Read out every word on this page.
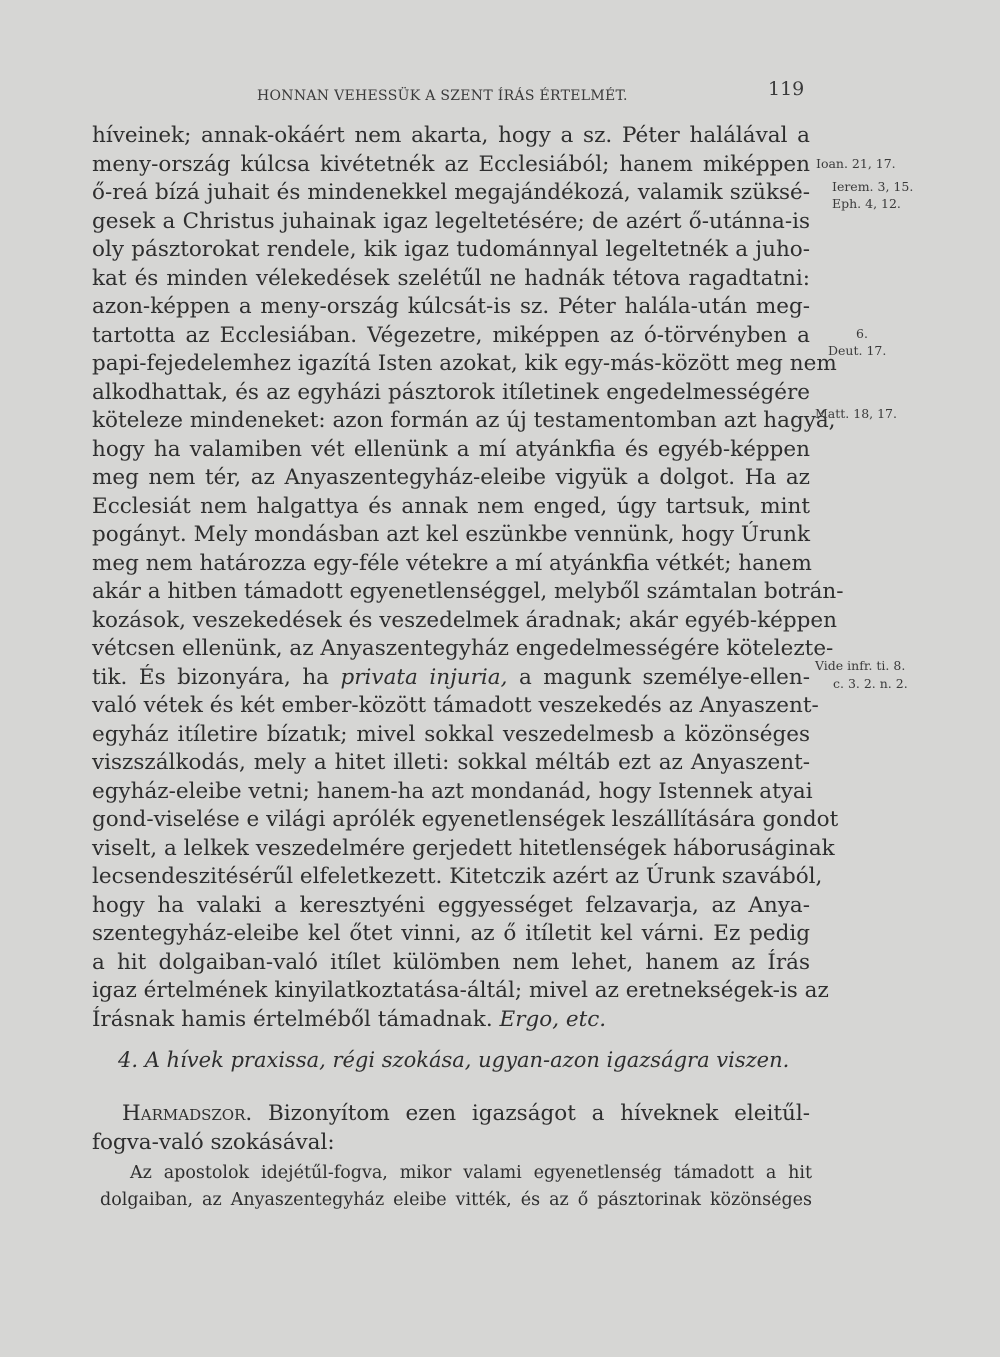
HONNAN VEHESSÜK A SZENT ÍRÁS ÉRTELMÉT.	119
híveinek; annak-okáért nem akarta, hogy a sz. Péter halálával a
meny-ország kúlcsa kivétetnék az Ecclesiából; hanem miképpen
ő-reá bízá juhait és mindenekkel megajándékozá, valamik szüksé-
gesek a Christus juhainak igaz legeltetésére; de azért ő-utánna-is
oly pásztorokat rendele, kik igaz tudománnyal legeltetnék a juho-
kat és minden vélekedések szelétűl ne hadnák tétova ragadtatni:
azon-képpen a meny-ország kúlcsát-is sz. Péter halála-után meg-
tartotta az Ecclesiában. Végezetre, miképpen az ó-törvényben a
papi-fejedelemhez igazítá Isten azokat, kik egy-más-között meg nem
alkodhattak, és az egyházi pásztorok itíletinek engedelmességére
köteleze mindeneket: azon formán az új testamentomban azt hagyá,
hogy ha valamiben vét ellenünk a mí atyánkfia és egyéb-képpen
meg nem tér, az Anyaszentegyház-eleibe vigyük a dolgot. Ha az
Ecclesiát nem halgattya és annak nem enged, úgy tartsuk, mint
pogányt. Mely mondásban azt kel eszünkbe vennünk, hogy Úrunk
meg nem határozza egy-féle vétekre a mí atyánkfia vétkét; hanem
akár a hitben támadott egyenetlenséggel, melyből számtalan botrán-
kozások, veszekedések és veszedelmek áradnak; akár egyéb-képpen
vétcsen ellenünk, az Anyaszentegyház engedelmességére kötelezte-
tik. És bizonyára, ha privata injuria, a magunk személye-ellen-
való vétek és két ember-között támadott veszekedés az Anyaszent-
egyház itíletire bízatık; mivel sokkal veszedelmesb a közönséges
viszszálkodás, mely a hitet illeti: sokkal méltáb ezt az Anyaszent-
egyház-eleibe vetni; hanem-ha azt mondanád, hogy Istennek atyai
gond-viselése e világi aprólék egyenetlenségek leszállítására gondot
viselt, a lelkek veszedelmére gerjedett hitetlenségek háboruságinak
lecsendeszitésérűl elfeletkezett. Kitetczik azért az Úrunk szavából,
hogy ha valaki a keresztyéni eggyességet felzavarja, az Anya-
szentegyház-eleibe kel őtet vinni, az ő itíletit kel várni. Ez pedig
a hit dolgaiban-való itílet külömben nem lehet, hanem az Írás
igaz értelmének kinyilatkoztatása-áltál; mivel az eretnekségek-is az
Írásnak hamis értelméből támadnak. Ergo, etc.
Ioan. 21, 17.
Ierem. 3, 15.
Eph. 4, 12.
6.
Deut. 17.
Matt. 18, 17.
Vide infr. ti. 8.
c. 3. 2. n. 2.
4. A hívek praxissa, régi szokása, ugyan-azon igazságra viszen.
Harmadszor. Bizonyítom ezen igazságot a híveknek eleitűl-
fogva-való szokásával:
Az apostolok idejétűl-fogva, mikor valami egyenetlenség támadott a hit
dolgaiban, az Anyaszentegyház eleibe vitték, és az ő pásztorinak közönséges
